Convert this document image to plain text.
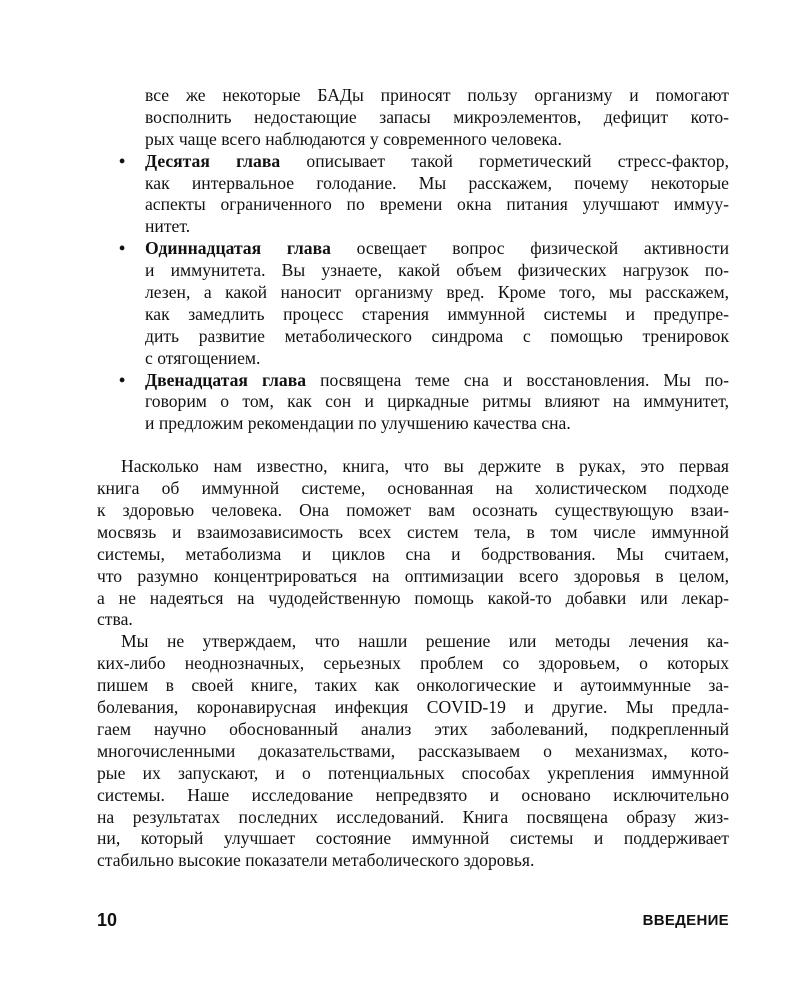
все же некоторые БАДы приносят пользу организму и помогают
восполнить недостающие запасы микроэлементов, дефицит кото-
рых чаще всего наблюдаются у современного человека.
• Десятая глава описывает такой горметический стресс-фактор,
как интервальное голодание. Мы расскажем, почему некоторые
аспекты ограниченного по времени окна питания улучшают иммуу-
нитет.
• Одиннадцатая глава освещает вопрос физической активности
и иммунитета. Вы узнаете, какой объем физических нагрузок по-
лезен, а какой наносит организму вред. Кроме того, мы расскажем,
как замедлить процесс старения иммунной системы и предупре-
дить развитие метаболического синдрома с помощью тренировок
с отягощением.
• Двенадцатая глава посвящена теме сна и восстановления. Мы по-
говорим о том, как сон и циркадные ритмы влияют на иммунитет,
и предложим рекомендации по улучшению качества сна.
Насколько нам известно, книга, что вы держите в руках, это первая
книга об иммунной системе, основанная на холистическом подходе
к здоровью человека. Она поможет вам осознать существующую взаи-
мосвязь и взаимозависимость всех систем тела, в том числе иммунной
системы, метаболизма и циклов сна и бодрствования. Мы считаем,
что разумно концентрироваться на оптимизации всего здоровья в целом,
а не надеяться на чудодейственную помощь какой-то добавки или лекар-
ства.
Мы не утверждаем, что нашли решение или методы лечения ка-
ких-либо неоднозначных, серьезных проблем со здоровьем, о которых
пишем в своей книге, таких как онкологические и аутоиммунные за-
болевания, коронавирусная инфекция COVID-19 и другие. Мы предла-
гаем научно обоснованный анализ этих заболеваний, подкрепленный
многочисленными доказательствами, рассказываем о механизмах, кото-
рые их запускают, и о потенциальных способах укрепления иммунной
системы. Наше исследование непредвзято и основано исключительно
на результатах последних исследований. Книга посвящена образу жиз-
ни, который улучшает состояние иммунной системы и поддерживает
стабильно высокие показатели метаболического здоровья.
10	ВВЕДЕНИЕ
